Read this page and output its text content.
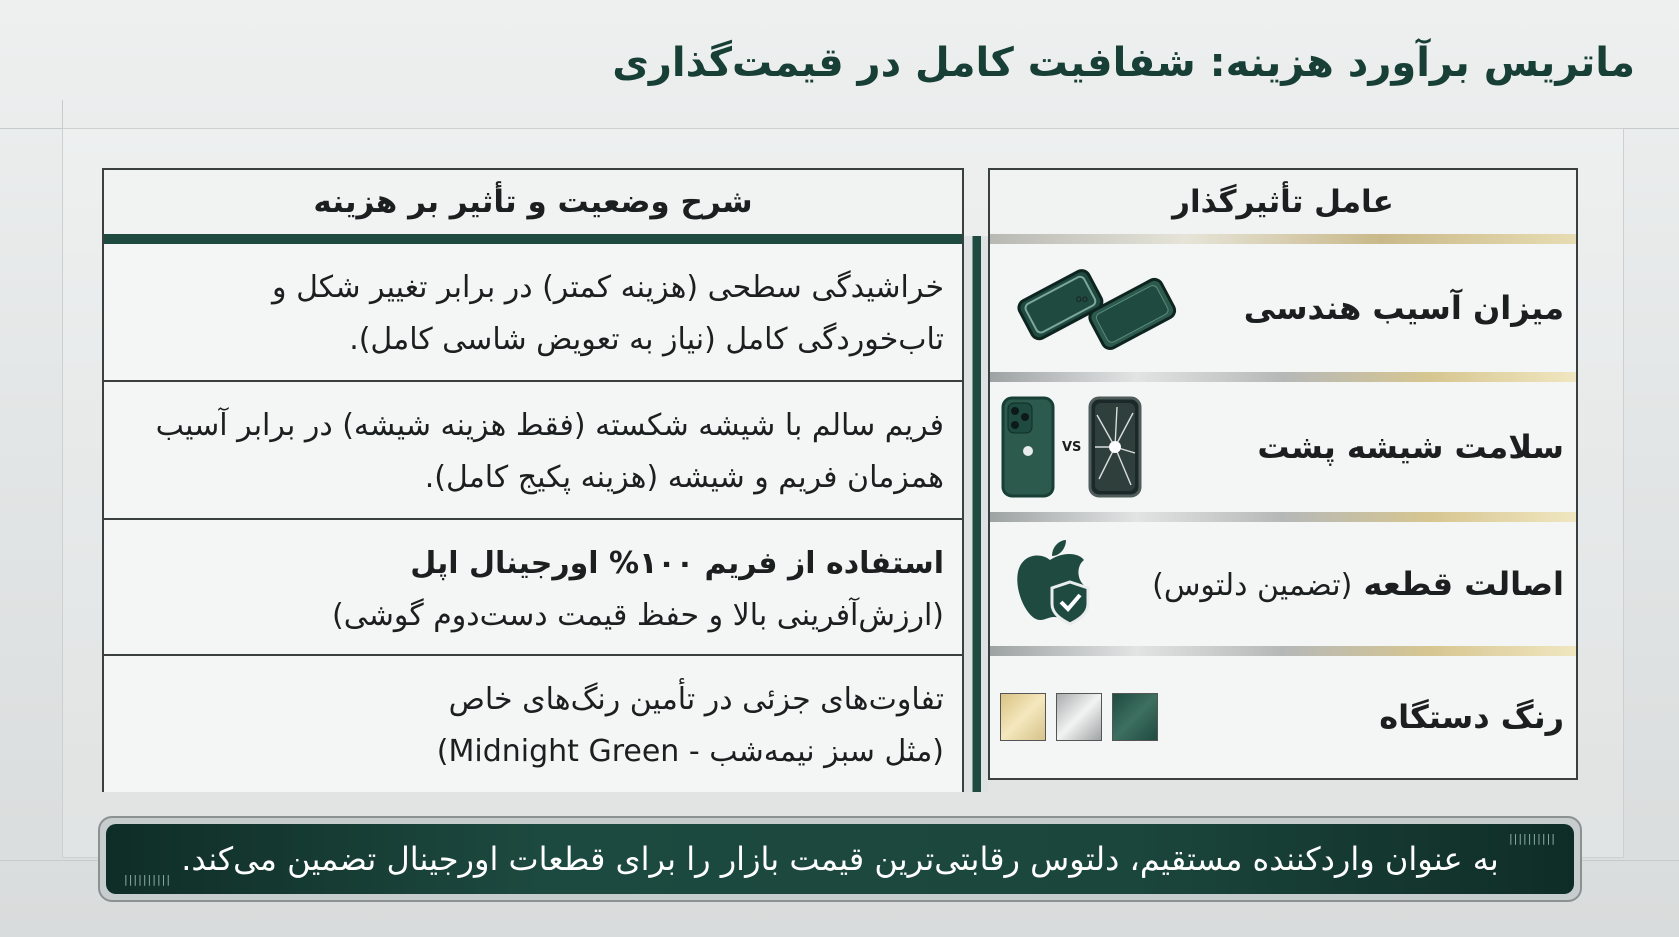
ماتریس برآورد هزینه: شفافیت کامل در قیمت‌گذاری
شرح وضعیت و تأثیر بر هزینه
خراشیدگی سطحی (هزینه کمتر) در برابر تغییر شکل و
تاب‌خوردگی کامل (نیاز به تعویض شاسی کامل).
فریم سالم با شیشه شکسته (فقط هزینه شیشه) در برابر آسیب
همزمان فریم و شیشه (هزینه پکیج کامل).
استفاده از فریم ۱۰۰% اورجینال اپل
(ارزش‌آفرینی بالا و حفظ قیمت دست‌دوم گوشی)
تفاوت‌های جزئی در تأمین رنگ‌های خاص
(مثل سبز نیمه‌شب - Midnight Green)
عامل تأثیرگذار
میزان آسیب هندسی
oo
سلامت شیشه پشت
VS
اصالت قطعه (تضمین دلتوس)
رنگ دستگاه
||||||||||
||||||||||
به عنوان واردکننده مستقیم، دلتوس رقابتی‌ترین قیمت بازار را برای قطعات اورجینال تضمین می‌کند.
